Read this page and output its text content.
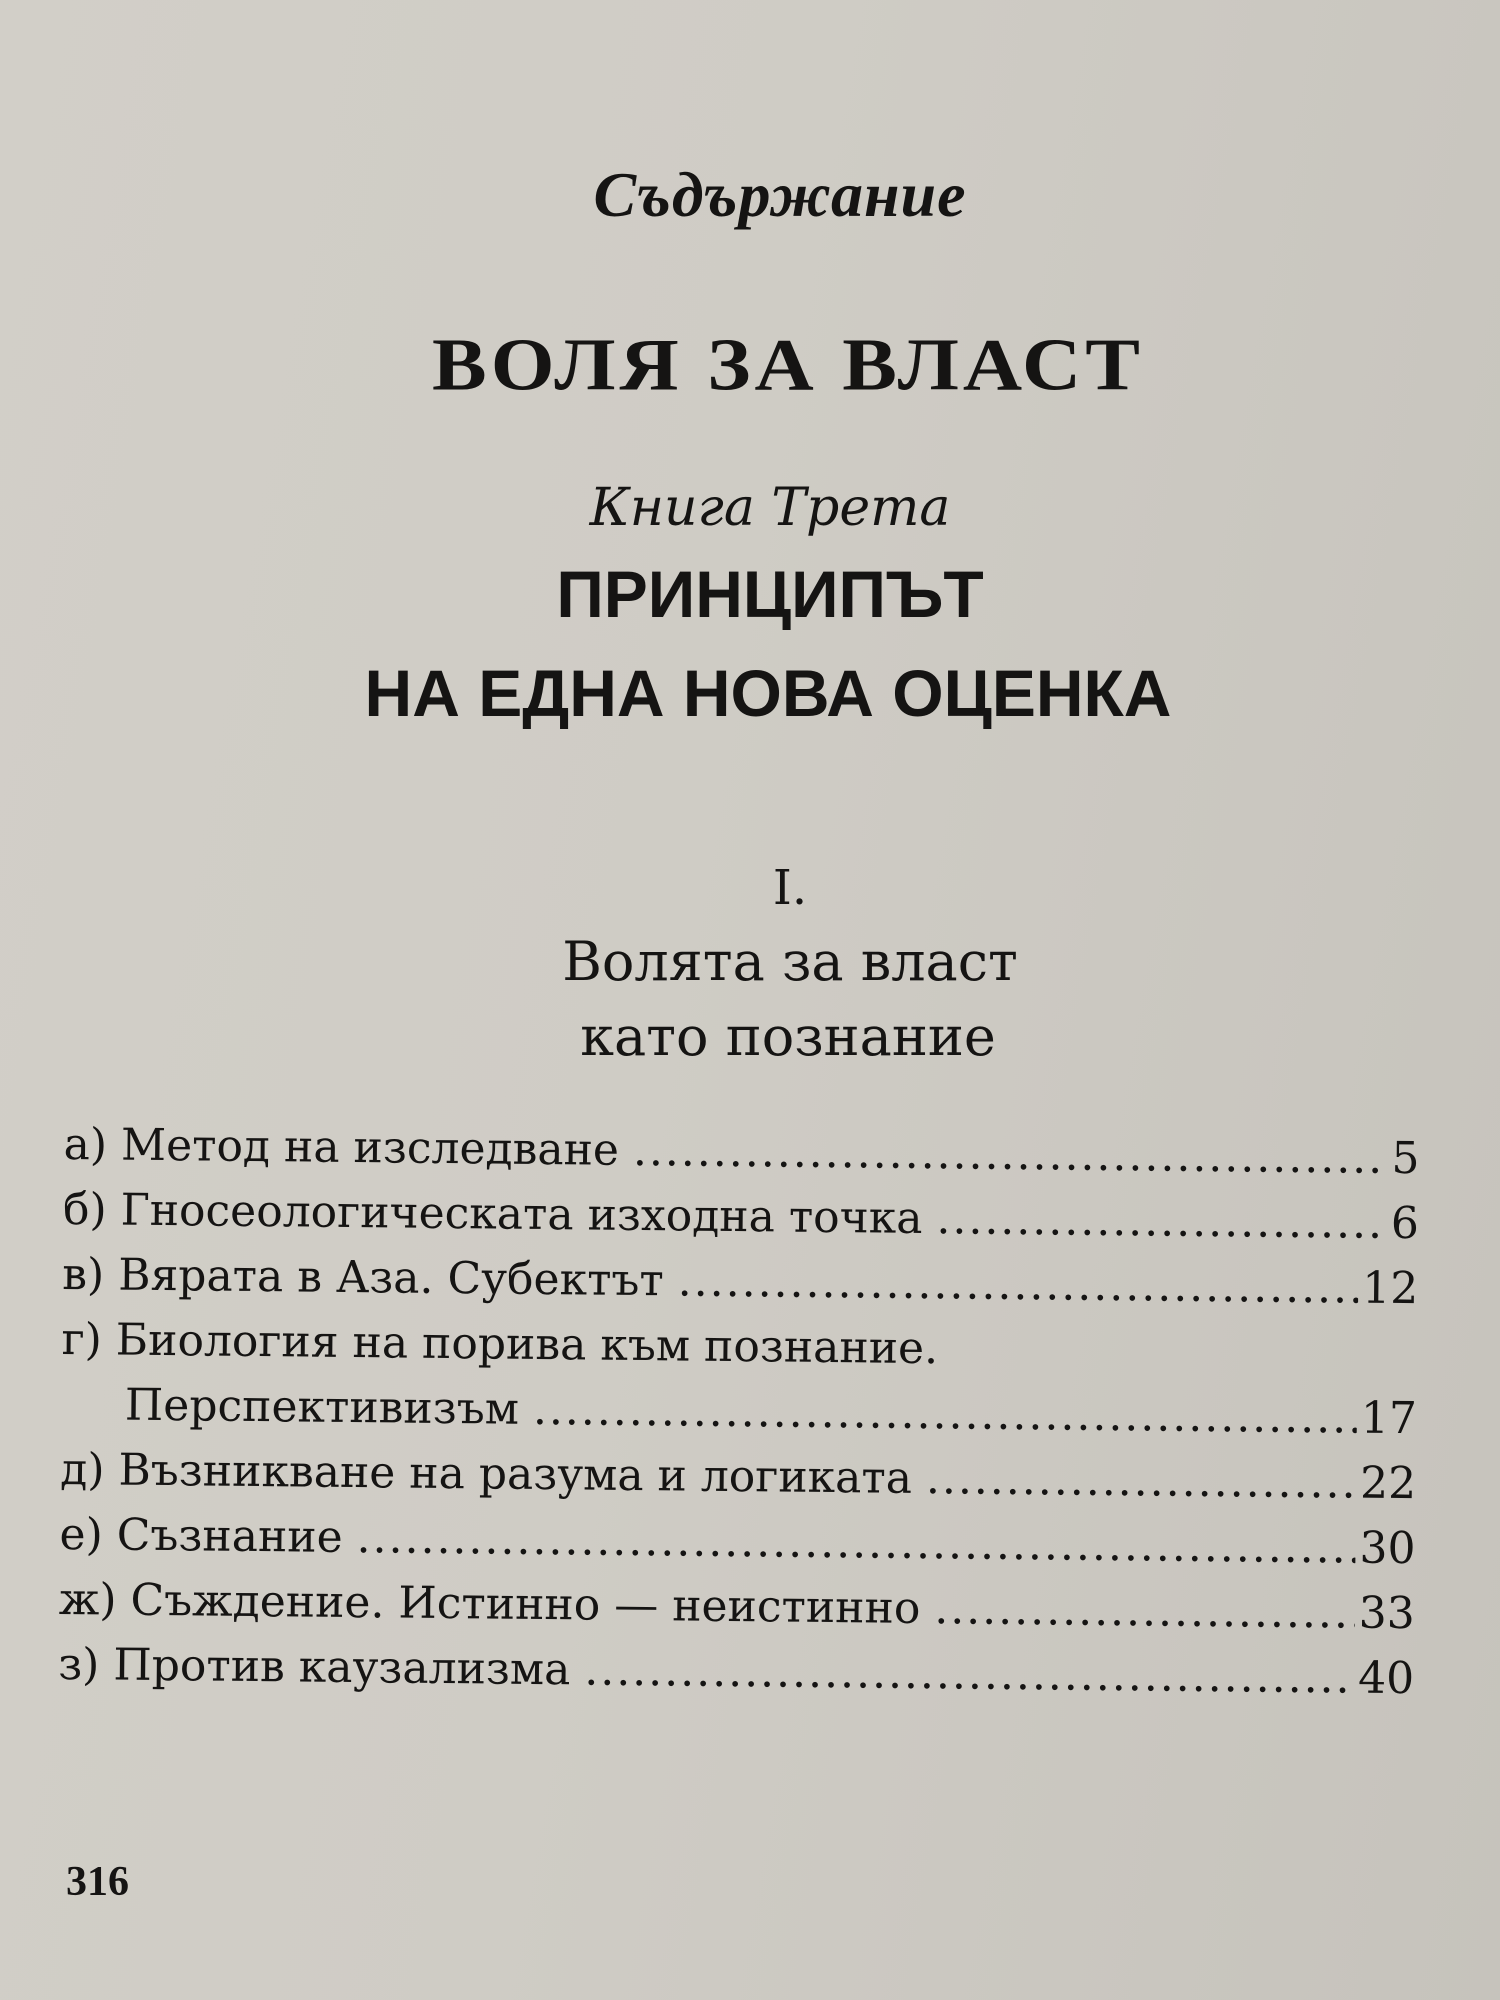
Съдържание
ВОЛЯ ЗА ВЛАСТ
Книга Трета
ПРИНЦИПЪТ
НА ЕДНА НОВА ОЦЕНКА
I.
Волята за власт
като познание
а) Метод на изследване .....	5
б) Гносеологическата изходна точка .....	6
в) Вярата в Аза. Субектът .....	12
г) Биология на порива към познание.
Перспективизъм .....	17
д) Възникване на разума и логиката .....	22
е) Съзнание .....	30
ж) Съждение. Истинно — неистинно .....	33
з) Против каузализма .....	40
316
